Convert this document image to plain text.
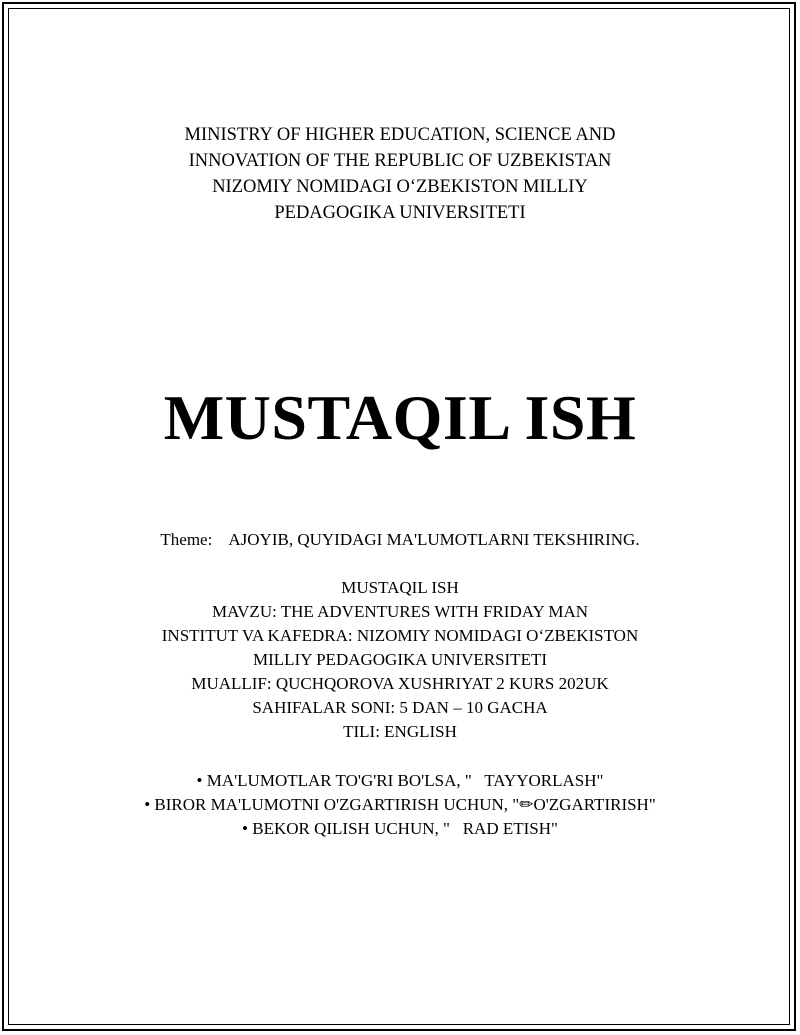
MINISTRY OF HIGHER EDUCATION, SCIENCE AND
INNOVATION OF THE REPUBLIC OF UZBEKISTAN
NIZOMIY NOMIDAGI O‘ZBEKISTON MILLIY
PEDAGOGIKA UNIVERSITETI
MUSTAQIL ISH
Theme: AJOYIB, QUYIDAGI MA'LUMOTLARNI TEKSHIRING.
MUSTAQIL ISH
MAVZU: THE ADVENTURES WITH FRIDAY MAN
INSTITUT VA KAFEDRA: NIZOMIY NOMIDAGI O‘ZBEKISTON
MILLIY PEDAGOGIKA UNIVERSITETI
MUALLIF: QUCHQOROVA XUSHRIYAT 2 KURS 202UK
SAHIFALAR SONI: 5 DAN – 10 GACHA
TILI: ENGLISH
• MA'LUMOTLAR TO'G'RI BO'LSA, "   TAYYORLASH"
• BIROR MA'LUMOTNI O'ZGARTIRISH UCHUN, "✏O'ZGARTIRISH"
• BEKOR QILISH UCHUN, "   RAD ETISH"
